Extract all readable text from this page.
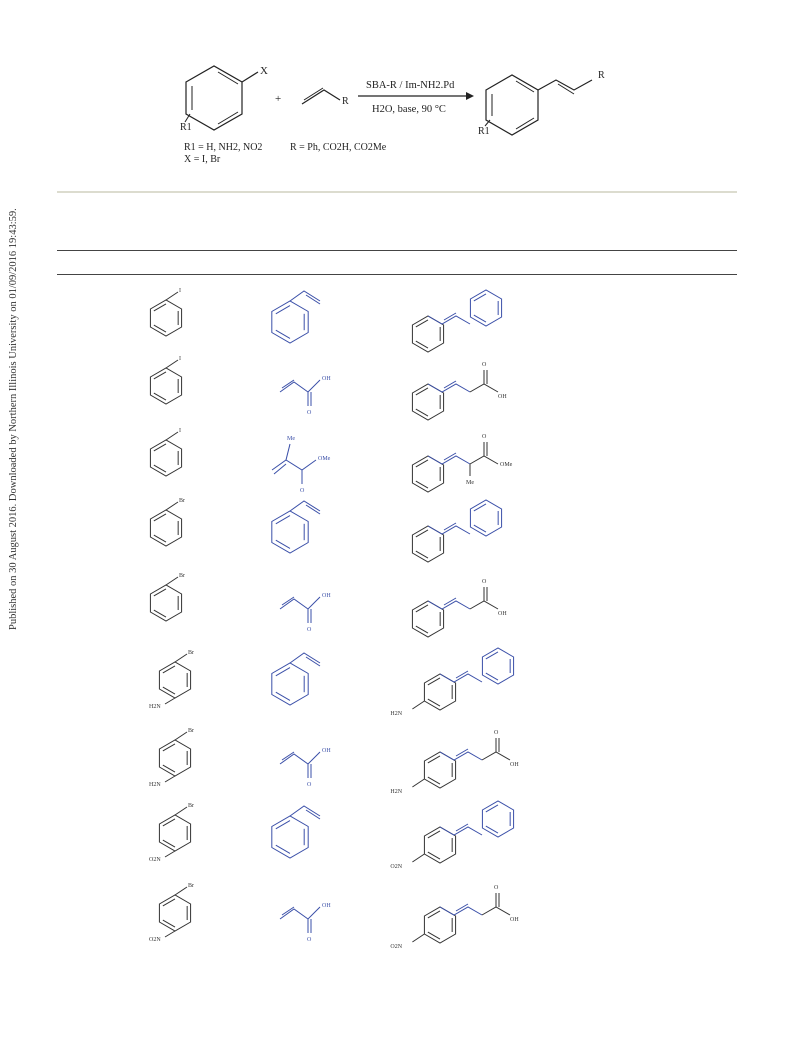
Published on 30 August 2016. Downloaded by Northern Illinois University on 01/09/2016 19:43:59.
X
R1
+	R
SBA-R / Im-NH2.Pd
H2O, base, 90 °C
R
R1
R1 = H, NH2, NO2
X = I, Br
R = Ph, CO2H, CO2Me
I
I
OH
O
O
OH
I
Me
OMe
O
O
OMe
Me
Br
Br
OH
O
O
OH
Br
H2N
H2N
Br
H2N
OH
O
H2N
O
OH
Br
O2N
O2N
Br
O2N
OH
O
O2N
O
OH
